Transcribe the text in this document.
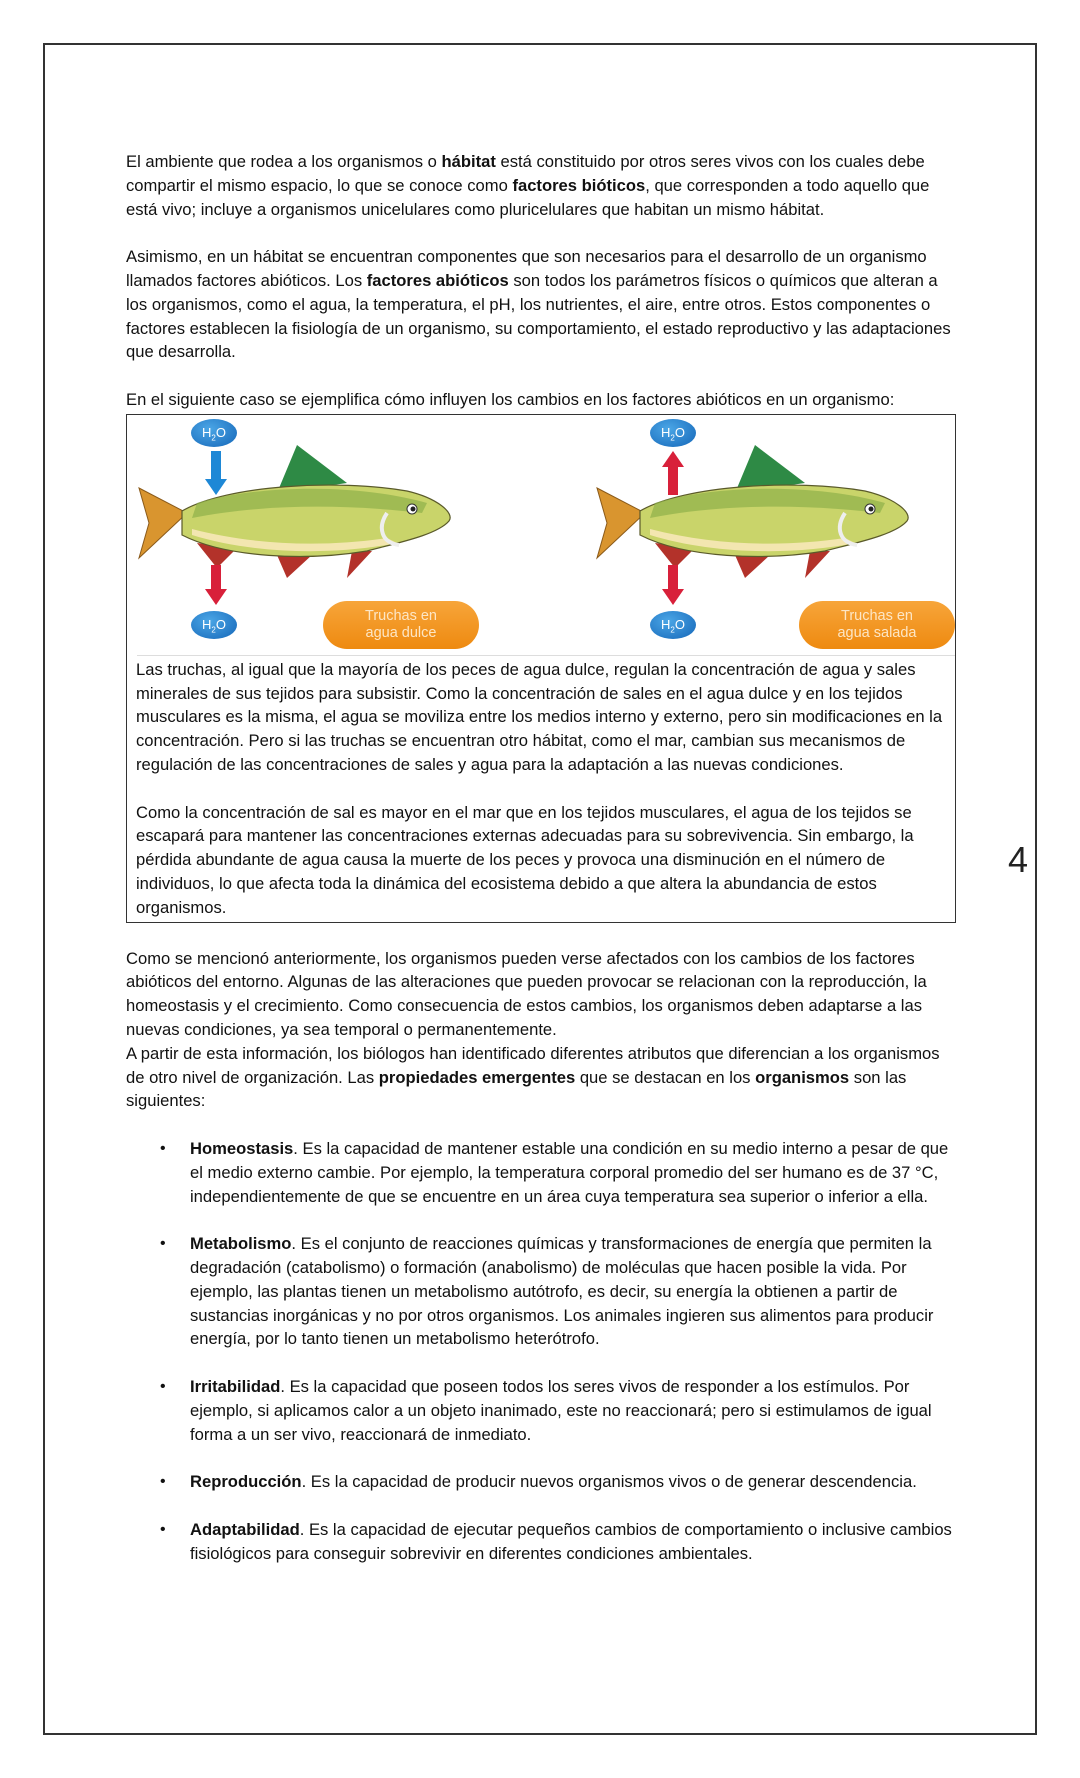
4

El ambiente que rodea a los organismos o hábitat está constituido por otros seres vivos con los cuales debe compartir el mismo espacio, lo que se conoce como factores bióticos, que corresponden a todo aquello que está vivo; incluye a organismos unicelulares como pluricelulares que habitan un mismo hábitat.

Asimismo, en un hábitat se encuentran componentes que son necesarios para el desarrollo de un organismo llamados factores abióticos. Los factores abióticos son todos los parámetros físicos o químicos que alteran a los organismos, como el agua, la temperatura, el pH, los nutrientes, el aire, entre otros. Estos componentes o factores establecen la fisiología de un organismo, su comportamiento, el estado reproductivo y las adaptaciones que desarrolla.

En el siguiente caso se ejemplifica cómo influyen los cambios en los factores abióticos en un organismo:

$H_2O$
$H_2O$
Truchas en
agua dulce
$H_2O$
$H_2O$
Truchas en
agua salada

Las truchas, al igual que la mayoría de los peces de agua dulce, regulan la concentración de agua y sales minerales de sus tejidos para subsistir. Como la concentración de sales en el agua dulce y en los tejidos musculares es la misma, el agua se moviliza entre los medios interno y externo, pero sin modificaciones en la concentración. Pero si las truchas se encuentran otro hábitat, como el mar, cambian sus mecanismos de regulación de las concentraciones de sales y agua para la adaptación a las nuevas condiciones.

Como la concentración de sal es mayor en el mar que en los tejidos musculares, el agua de los tejidos se escapará para mantener las concentraciones externas adecuadas para su sobrevivencia. Sin embargo, la pérdida abundante de agua causa la muerte de los peces y provoca una disminución en el número de individuos, lo que afecta toda la dinámica del ecosistema debido a que altera la abundancia de estos organismos.

Como se mencionó anteriormente, los organismos pueden verse afectados con los cambios de los factores abióticos del entorno. Algunas de las alteraciones que pueden provocar se relacionan con la reproducción, la homeostasis y el crecimiento. Como consecuencia de estos cambios, los organismos deben adaptarse a las nuevas condiciones, ya sea temporal o permanentemente.

A partir de esta información, los biólogos han identificado diferentes atributos que diferencian a los organismos de otro nivel de organización. Las propiedades emergentes que se destacan en los organismos son las siguientes:

• Homeostasis. Es la capacidad de mantener estable una condición en su medio interno a pesar de que el medio externo cambie. Por ejemplo, la temperatura corporal promedio del ser humano es de 37 °C, independientemente de que se encuentre en un área cuya temperatura sea superior o inferior a ella.
• Metabolismo. Es el conjunto de reacciones químicas y transformaciones de energía que permiten la degradación (catabolismo) o formación (anabolismo) de moléculas que hacen posible la vida. Por ejemplo, las plantas tienen un metabolismo autótrofo, es decir, su energía la obtienen a partir de sustancias inorgánicas y no por otros organismos. Los animales ingieren sus alimentos para producir energía, por lo tanto tienen un metabolismo heterótrofo.
• Irritabilidad. Es la capacidad que poseen todos los seres vivos de responder a los estímulos. Por ejemplo, si aplicamos calor a un objeto inanimado, este no reaccionará; pero si estimulamos de igual forma a un ser vivo, reaccionará de inmediato.
• Reproducción. Es la capacidad de producir nuevos organismos vivos o de generar descendencia.
• Adaptabilidad. Es la capacidad de ejecutar pequeños cambios de comportamiento o inclusive cambios fisiológicos para conseguir sobrevivir en diferentes condiciones ambientales.
